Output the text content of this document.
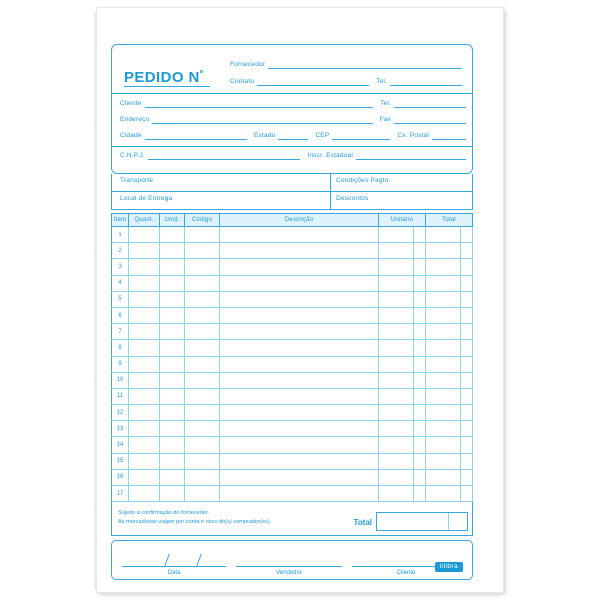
PEDIDO $N^º$
Fornecedor
Contato	Tel.
Cliente	Tel.
Endereço	Fax
Cidade	Estado	CEP	Cx. Postal
C.N.P.J.	Inscr. Estadual
Transporte	Condições Pagto.
Local de Entrega	Descontos
Item	Quant.	Unid.	Código	Descrição	Unitário	Total
1						
2						
3						
4						
5						
6						
7						
8						
9						
10						
11						
12						
13						
14						
15						
16						
17						
Sujeito a confirmação do fornecedor.
As mercadorias viajam por conta e risco do(s) comprador(es).	Total
Data	Vendedor	Cliente
tilibra
